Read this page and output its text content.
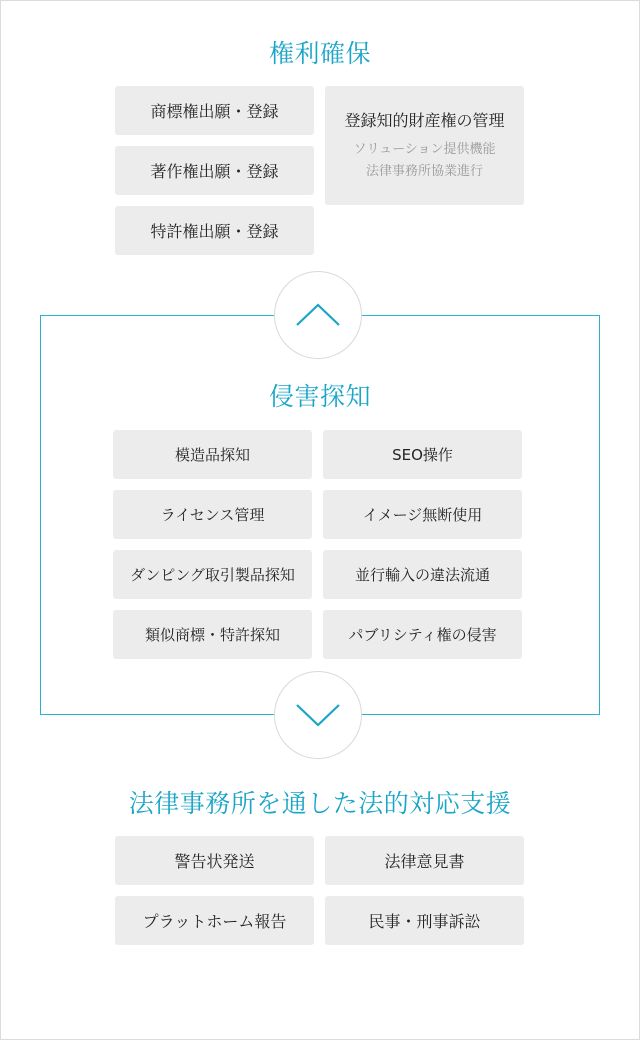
権利確保
商標権出願・登録
著作権出願・登録
特許権出願・登録
登録知的財産権の管理
ソリューション提供機能
法律事務所協業進行
侵害探知
模造品探知	SEO操作
ライセンス管理	イメージ無断使用
ダンピング取引製品探知	並行輸入の違法流通
類似商標・特許探知	パブリシティ権の侵害
法律事務所を通した法的対応支援
警告状発送	法律意見書
プラットホーム報告	民事・刑事訴訟
